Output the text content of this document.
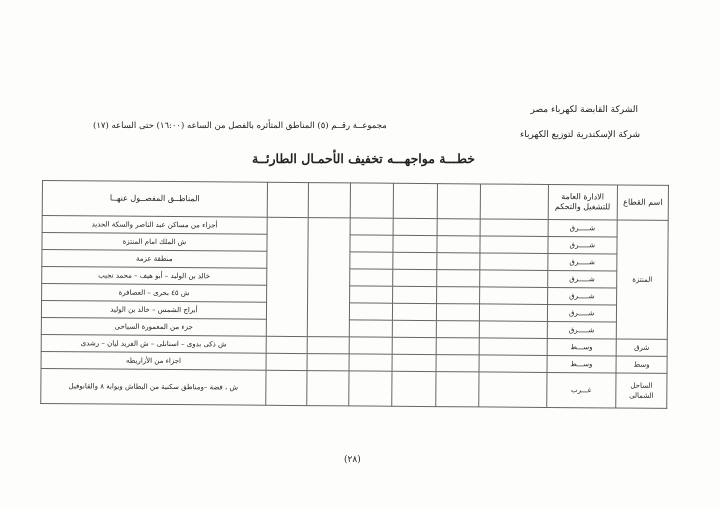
الشركة القابضة لكهرباء مصر
شركة الإسكندرية لتوزيع الكهرباء
مجموعــة رقــم (٥) المناطق المتأثره بالفصل من الساعه (١٦:٠٠) حتى الساعه (١٧)
خطـــة مواجهـــه تخفيف الأحمـال الطارئــة
اسم القطاع	الادارة العامة للتشغيل والتحكم							المناطــق المفصــول عنهــا
المنتزة	شـــــرق							أجزاء من مساكن عبد الناصر والسكة الحديد
	شـــــرق							ش الملك امام المنتزة
	شـــــرق							منطقة عزمة
	شـــــرق							خالد بن الوليد – أبو هيف – محمد نجيب
	شـــــرق							ش ٤٥ بحرى – العصافرة
	شـــــرق							أبراج الشمس – خالد بن الوليد
	شـــــرق							جزء من المعمورة السياحى
شرق	وســـط							ش ذكى بدوى – اسنانلى – ش الفريد ليان – رشدى
وسط	وســـط							اجزاء من الأزاريطه
الساحل الشمالى	غـــرب							ش ، فضة –ومناطق سكنية من البطاش وبوابة ٨ والقانوفيل
(٢٨)
